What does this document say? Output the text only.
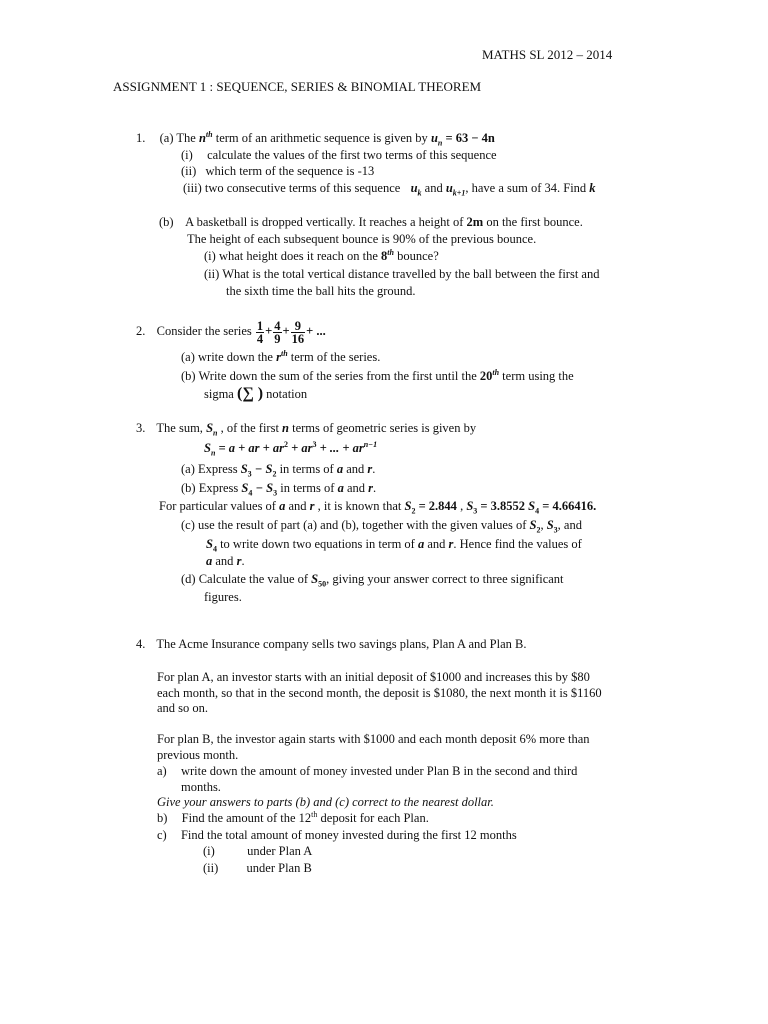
MATHS SL 2012 – 2014
ASSIGNMENT 1 : SEQUENCE, SERIES & BINOMIAL THEOREM
1. (a) The $n^{th}$ term of an arithmetic sequence is given by $u_n = 63 - 4n$
(i) calculate the values of the first two terms of this sequence
(ii) which term of the sequence is -13
(iii) two consecutive terms of this sequence $u_k$ and $u_{k+1}$, have a sum of 34. Find k
(b) A basketball is dropped vertically. It reaches a height of 2m on the first bounce.
The height of each subsequent bounce is 90% of the previous bounce.
(i) what height does it reach on the 8th bounce?
(ii) What is the total vertical distance travelled by the ball between the first and
the sixth time the ball hits the ground.
2. Consider the series $\frac{1}{4} + \frac{4}{9} + \frac{9}{16}$ + ...
(a) write down the $r^{th}$ term of the series.
(b) Write down the sum of the series from the first until the 20th term using the
sigma (∑ ) notation
3. The sum, $S_n$ , of the first n terms of geometric series is given by
$S_n = a$ + ar + $ar^2 + ar^3$ + ... + $ar^{n-1}$
(a) Express $S_3 - S_2$ in terms of a and r.
(b) Express $S_4 - S_3$ in terms of a and r.
For particular values of a and r , it is known that $S_2 = 2.844$ , $S_3 = 3.8552$ $S_4 = 4.66416$.
(c) use the result of part (a) and (b), together with the given values of $S_2$, $S_3$, and
$S_4$ to write down two equations in term of a and r. Hence find the values of
a and r.
(d) Calculate the value of $S_{50}$, giving your answer correct to three significant
figures.
4. The Acme Insurance company sells two savings plans, Plan A and Plan B.
For plan A, an investor starts with an initial deposit of $1000 and increases this by $80
each month, so that in the second month, the deposit is $1080, the next month it is $1160
and so on.
For plan B, the investor again starts with $1000 and each month deposit 6% more than
previous month.
a) write down the amount of money invested under Plan B in the second and third
months.
Give your answers to parts (b) and (c) correct to the nearest dollar.
b) Find the amount of the 12th deposit for each Plan.
c) Find the total amount of money invested during the first 12 months
(i)	under Plan A
(ii) under Plan B
